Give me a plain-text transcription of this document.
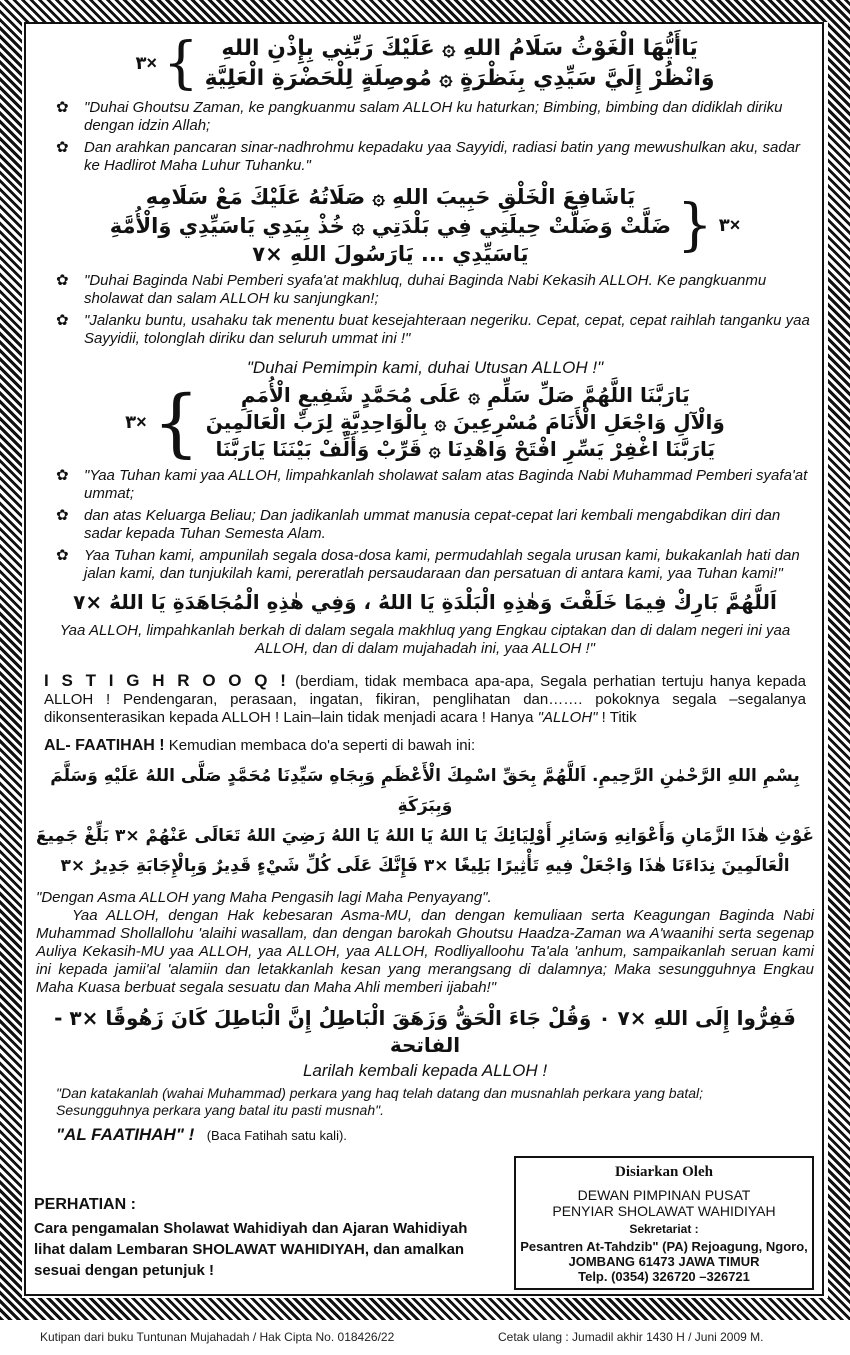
٣× {	يَاأَيُّهَا الْغَوْثُ سَلَامُ اللهِ ۞ عَلَيْكَ رَبِّنِي بِإِذْنِ اللهِ
وَانْظُرْ إِلَيَّ سَيِّدِي بِنَظْرَةٍ ۞ مُوصِلَةٍ لِلْحَضْرَةِ الْعَلِيَّةِ
✿ "Duhai Ghoutsu Zaman, ke pangkuanmu salam ALLOH ku haturkan; Bimbing, bimbing dan didiklah diriku dengan idzin Allah;
✿ Dan arahkan pancaran sinar-nadhrohmu kepadaku yaa Sayyidi, radiasi batin yang mewushulkan aku, sadar ke Hadlirot Maha Luhur Tuhanku."
يَاشَافِعَ الْخَلْقِ حَبِيبَ اللهِ ۞ صَلَاتُهُ عَلَيْكَ مَعْ سَلَامِهِ
ضَلَّتْ وَضَلَّتْ حِيلَتِي فِي بَلْدَتِي ۞ خُذْ بِيَدِي يَاسَيِّدِي وَالْأُمَّةِ
يَاسَيِّدِي ... يَارَسُولَ اللهِ ×٧	} ٣×
✿ "Duhai Baginda Nabi Pemberi syafa'at makhluq, duhai Baginda Nabi Kekasih ALLOH. Ke pangkuanmu sholawat dan salam ALLOH ku sanjungkan!;
✿ "Jalanku buntu, usahaku tak menentu buat kesejahteraan negeriku. Cepat, cepat, cepat raihlah tanganku yaa Sayyidii, tolonglah diriku dan seluruh ummat ini !"
"Duhai Pemimpin kami, duhai Utusan ALLOH !"
٣× {	يَارَبَّنَا اللَّهُمَّ صَلِّ سَلِّمِ ۞ عَلَى مُحَمَّدٍ شَفِيعِ الْأُمَمِ
وَالْآلِ وَاجْعَلِ الْأَنَامَ مُسْرِعِينَ ۞ بِالْوَاحِدِيَّةِ لِرَبِّ الْعَالَمِينَ
يَارَبَّنَا اغْفِرْ يَسِّرِ افْتَحْ وَاهْدِنَا ۞ قَرِّبْ وَأَلِّفْ بَيْنَنَا يَارَبَّنَا
✿ "Yaa Tuhan kami yaa ALLOH, limpahkanlah sholawat salam atas Baginda Nabi Muhammad Pemberi syafa'at ummat;
✿ dan atas Keluarga Beliau; Dan jadikanlah ummat manusia cepat-cepat lari kembali mengabdikan diri dan sadar kepada Tuhan Semesta Alam.
✿ Yaa Tuhan kami, ampunilah segala dosa-dosa kami, permudahlah segala urusan kami, bukakanlah hati dan jalan kami, dan tunjukilah kami, pereratlah persaudaraan dan persatuan di antara kami, yaa Tuhan kami!"
اَللَّهُمَّ بَارِكْ فِيمَا خَلَقْتَ وَهٰذِهِ الْبَلْدَةِ يَا اللهُ ، وَفِي هٰذِهِ الْمُجَاهَدَةِ يَا اللهُ ×٧
Yaa ALLOH, limpahkanlah berkah di dalam segala makhluq yang Engkau ciptakan dan di dalam negeri ini yaa ALLOH, dan di dalam mujahadah ini, yaa ALLOH !"
I S T I G H R O O Q ! (berdiam, tidak membaca apa-apa, Segala perhatian tertuju hanya kepada ALLOH ! Pendengaran, perasaan, ingatan, fikiran, penglihatan dan……. pokoknya segala –segalanya dikonsenterasikan kepada ALLOH ! Lain–lain tidak menjadi acara ! Hanya "ALLOH" ! Titik
AL- FAATIHAH ! Kemudian membaca do'a seperti di bawah ini:
بِسْمِ اللهِ الرَّحْمٰنِ الرَّحِيمِ. اَللَّهُمَّ بِحَقِّ اسْمِكَ الْأَعْظَمِ وَبِجَاهِ سَيِّدِنَا مُحَمَّدٍ صَلَّى اللهُ عَلَيْهِ وَسَلَّمَ وَبِبَرَكَةِ
غَوْثِ هٰذَا الزَّمَانِ وَأَعْوَانِهِ وَسَائِرِ أَوْلِيَائِكَ يَا اللهُ يَا اللهُ يَا اللهُ رَضِيَ اللهُ تَعَالَى عَنْهُمْ ×٣ بَلِّغْ جَمِيعَ
الْعَالَمِينَ نِدَاءَنَا هٰذَا وَاجْعَلْ فِيهِ تَأْثِيرًا بَلِيغًا ×٣ فَإِنَّكَ عَلَى كُلِّ شَيْءٍ قَدِيرٌ وَبِالْإِجَابَةِ جَدِيرٌ ×٣
"Dengan Asma ALLOH yang Maha Pengasih lagi Maha Penyayang".
Yaa ALLOH, dengan Hak kebesaran Asma-MU, dan dengan kemuliaan serta Keagungan Baginda Nabi Muhammad Shollallohu 'alaihi wasallam, dan dengan barokah Ghoutsu Haadza-Zaman wa A'waanihi serta segenap Auliya Kekasih-MU yaa ALLOH, yaa ALLOH, yaa ALLOH, Rodliyalloohu Ta'ala 'anhum, sampaikanlah seruan kami ini kepada jamii'al 'alamiin dan letakkanlah kesan yang merangsang di dalamnya; Maka sesungguhnya Engkau Maha Kuasa berbuat segala sesuatu dan Maha Ahli memberi ijabah!"
فَفِرُّوا إِلَى اللهِ ×٧ ۰ وَقُلْ جَاءَ الْحَقُّ وَزَهَقَ الْبَاطِلُ إِنَّ الْبَاطِلَ كَانَ زَهُوقًا ×٣ - الفاتحة
Larilah kembali kepada ALLOH !
"Dan katakanlah (wahai Muhammad) perkara yang haq telah datang dan musnahlah perkara yang batal; Sesungguhnya perkara yang batal itu pasti musnah".
"AL FAATIHAH" ! (Baca Fatihah satu kali).
PERHATIAN :
Cara pengamalan Sholawat Wahidiyah dan Ajaran Wahidiyah lihat dalam Lembaran SHOLAWAT WAHIDIYAH, dan amalkan sesuai dengan petunjuk !
Disiarkan Oleh
DEWAN PIMPINAN PUSAT
PENYIAR SHOLAWAT WAHIDIYAH
Sekretariat :
Pesantren At-Tahdzib" (PA) Rejoagung, Ngoro,
JOMBANG 61473 JAWA TIMUR
Telp. (0354) 326720 –326721
Kutipan dari buku Tuntunan Mujahadah / Hak Cipta No. 018426/22	Cetak ulang : Jumadil akhir 1430 H / Juni 2009 M.
